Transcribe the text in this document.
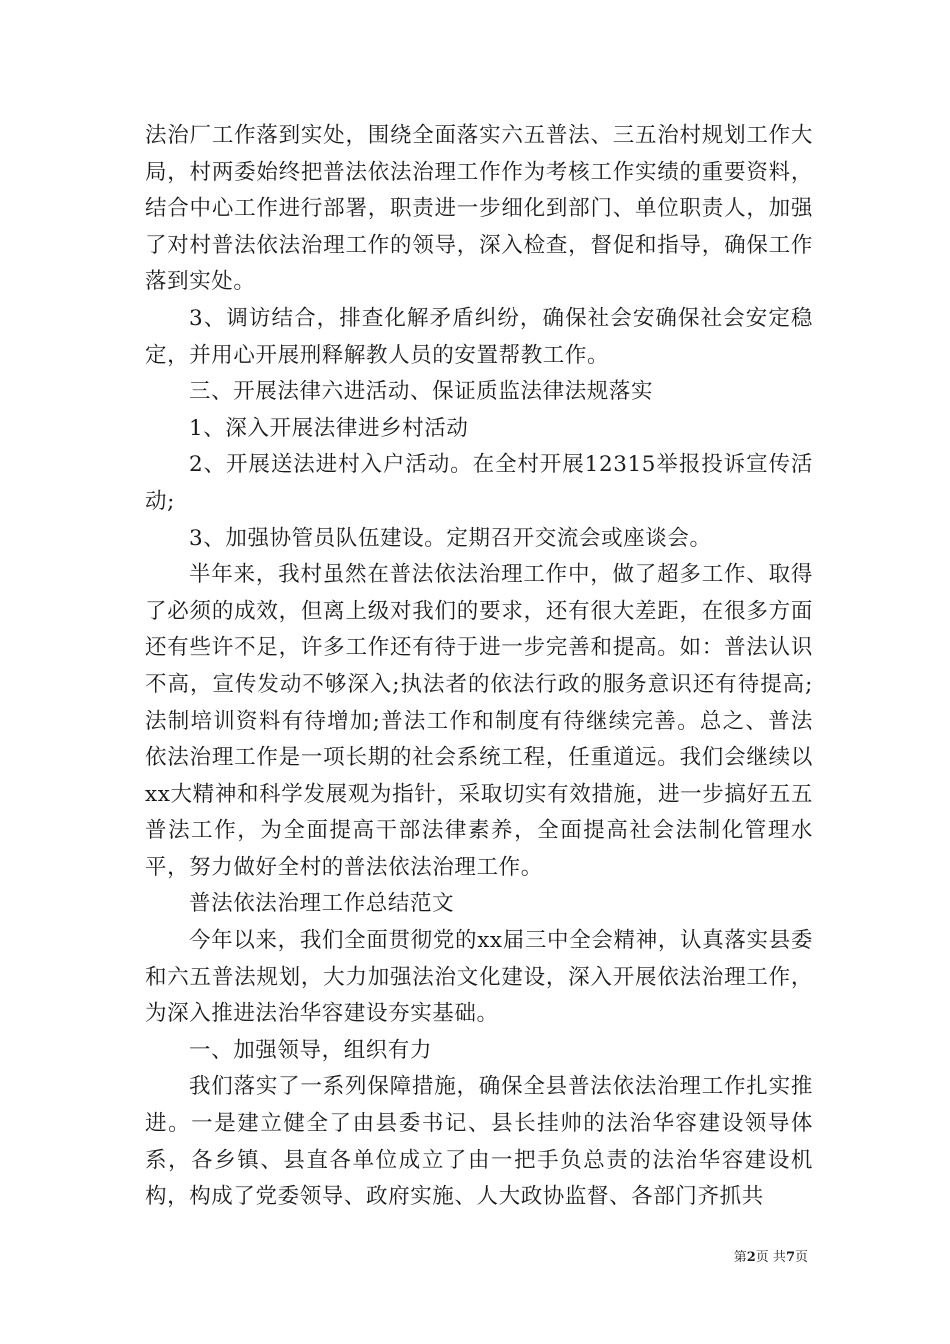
法治厂工作落到实处，围绕全面落实六五普法、三五治村规划工作大局，村两委始终把普法依法治理工作作为考核工作实绩的重要资料，结合中心工作进行部署，职责进一步细化到部门、单位职责人，加强了对村普法依法治理工作的领导，深入检查，督促和指导，确保工作落到实处。

3、调访结合，排查化解矛盾纠纷，确保社会安确保社会安定稳定，并用心开展刑释解教人员的安置帮教工作。

三、开展法律六进活动、保证质监法律法规落实

1、深入开展法律进乡村活动

2、开展送法进村入户活动。在全村开展12315举报投诉宣传活动;

3、加强协管员队伍建设。定期召开交流会或座谈会。

半年来，我村虽然在普法依法治理工作中，做了超多工作、取得了必须的成效，但离上级对我们的要求，还有很大差距，在很多方面还有些许不足，许多工作还有待于进一步完善和提高。如：普法认识不高，宣传发动不够深入;执法者的依法行政的服务意识还有待提高;法制培训资料有待增加;普法工作和制度有待继续完善。总之、普法依法治理工作是一项长期的社会系统工程，任重道远。我们会继续以xx大精神和科学发展观为指针，采取切实有效措施，进一步搞好五五普法工作，为全面提高干部法律素养，全面提高社会法制化管理水平，努力做好全村的普法依法治理工作。

普法依法治理工作总结范文

今年以来，我们全面贯彻党的xx届三中全会精神，认真落实县委和六五普法规划，大力加强法治文化建设，深入开展依法治理工作，为深入推进法治华容建设夯实基础。

一、加强领导，组织有力

我们落实了一系列保障措施，确保全县普法依法治理工作扎实推进。一是建立健全了由县委书记、县长挂帅的法治华容建设领导体系，各乡镇、县直各单位成立了由一把手负总责的法治华容建设机构，构成了党委领导、政府实施、人大政协监督、各部门齐抓共

第2页 共7页
